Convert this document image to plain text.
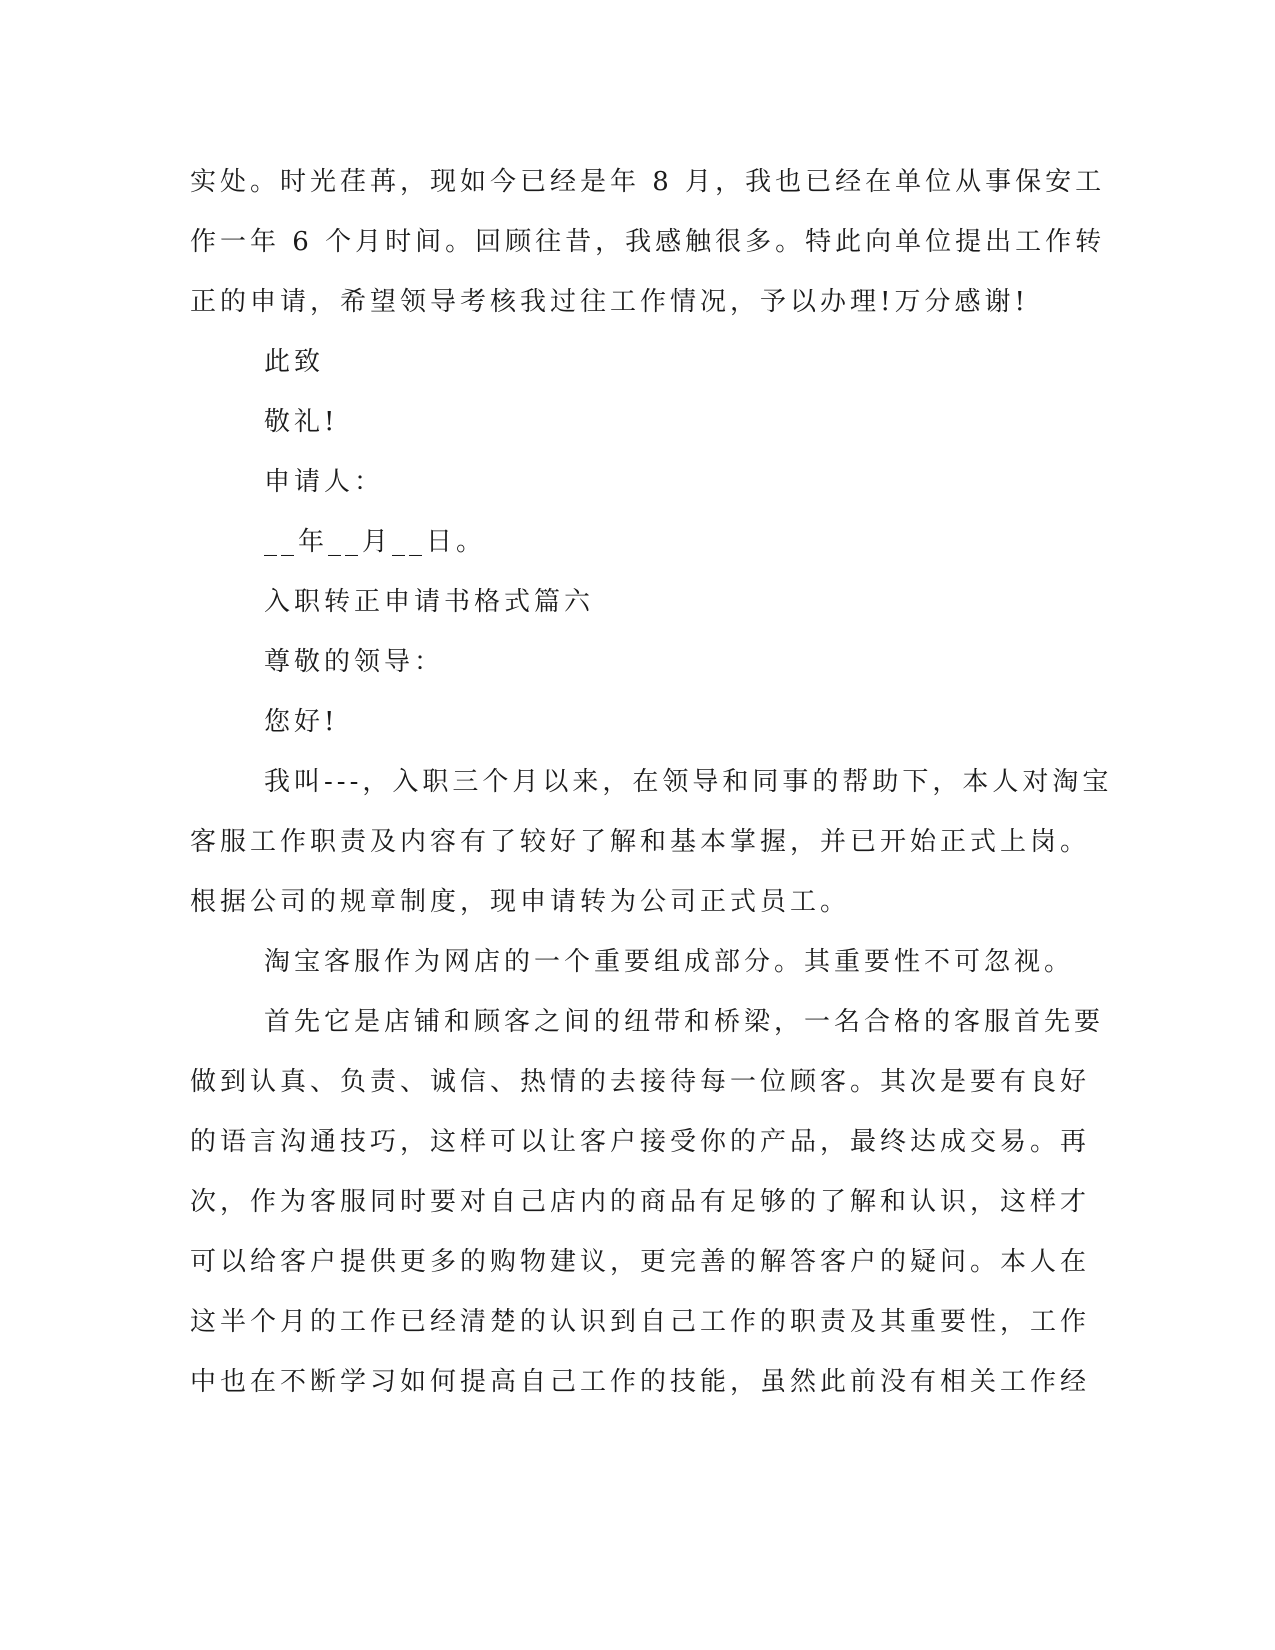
实处。时光荏苒，现如今已经是年 8 月，我也已经在单位从事保安工
作一年 6 个月时间。回顾往昔，我感触很多。特此向单位提出工作转
正的申请，希望领导考核我过往工作情况，予以办理!万分感谢!
此致
敬礼!
申请人：
__年__月__日。
入职转正申请书格式篇六
尊敬的领导：
您好!
我叫---，入职三个月以来，在领导和同事的帮助下，本人对淘宝
客服工作职责及内容有了较好了解和基本掌握，并已开始正式上岗。
根据公司的规章制度，现申请转为公司正式员工。
淘宝客服作为网店的一个重要组成部分。其重要性不可忽视。
首先它是店铺和顾客之间的纽带和桥梁，一名合格的客服首先要
做到认真、负责、诚信、热情的去接待每一位顾客。其次是要有良好
的语言沟通技巧，这样可以让客户接受你的产品，最终达成交易。再
次，作为客服同时要对自己店内的商品有足够的了解和认识，这样才
可以给客户提供更多的购物建议，更完善的解答客户的疑问。本人在
这半个月的工作已经清楚的认识到自己工作的职责及其重要性，工作
中也在不断学习如何提高自己工作的技能，虽然此前没有相关工作经
